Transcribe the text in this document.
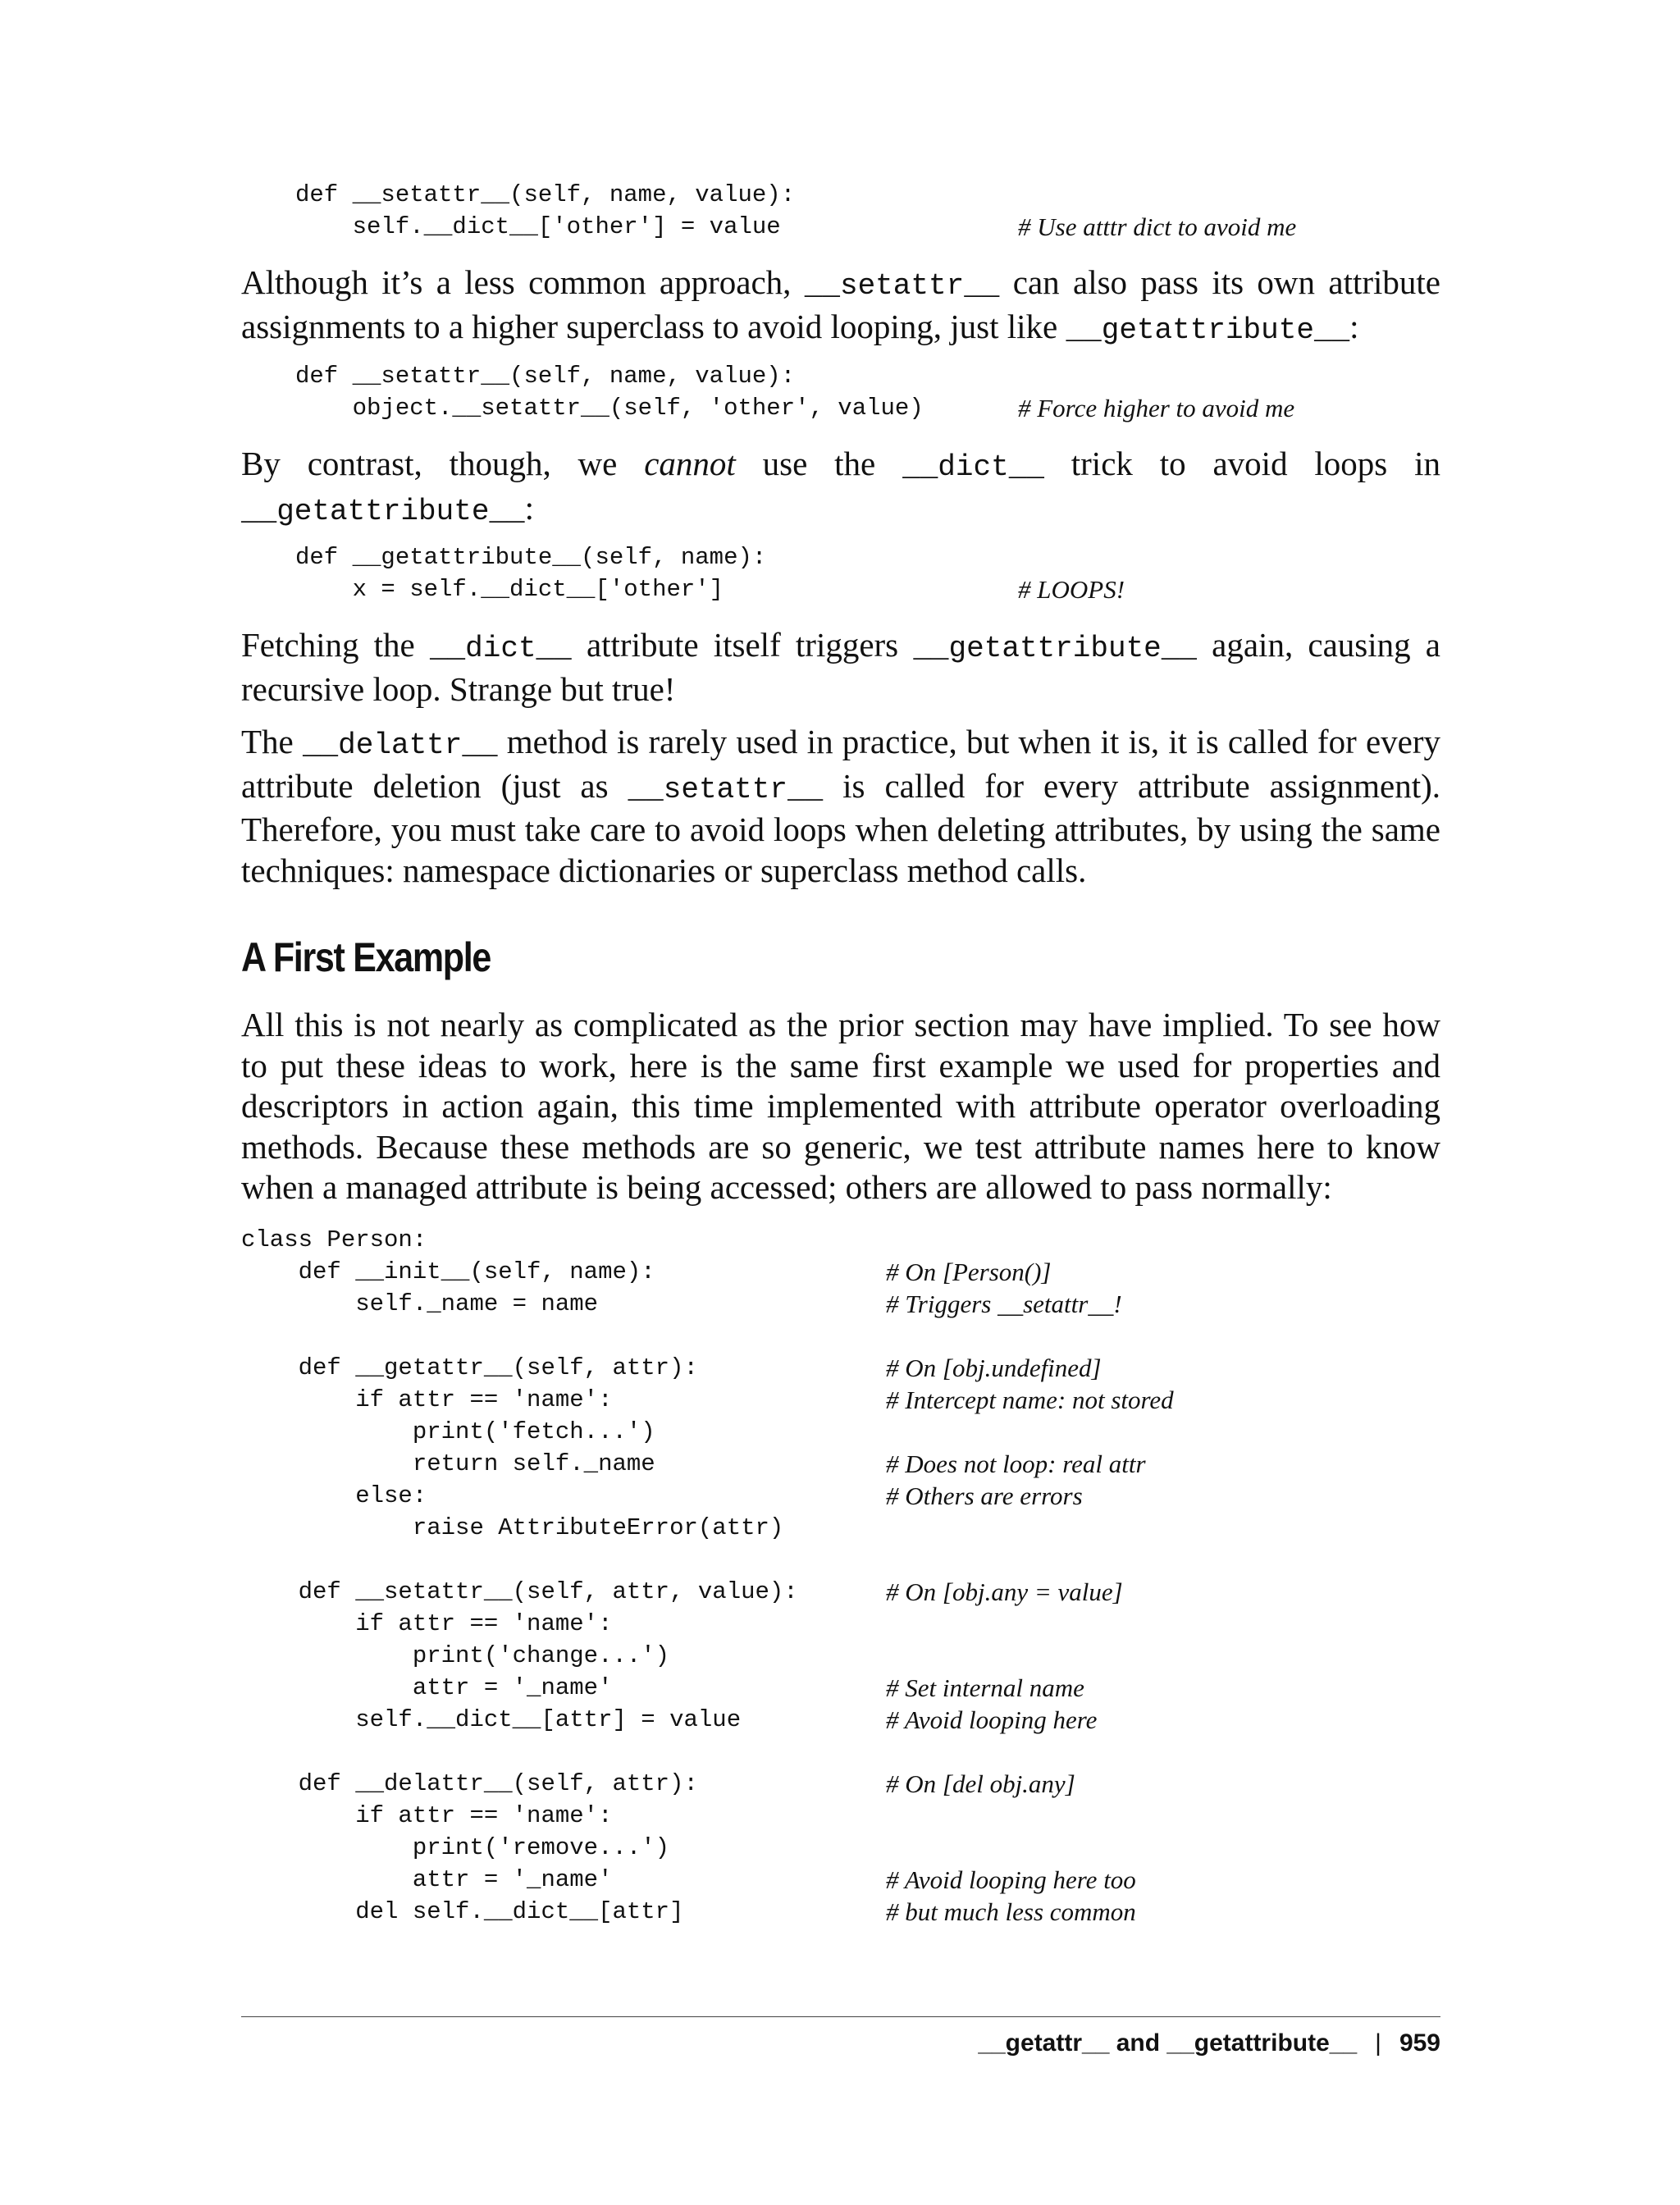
def __setattr__(self, name, value):
self.__dict__['other'] = value	# Use atttr dict to avoid me

Although it’s a less common approach, __setattr__ can also pass its own attribute assignments to a higher superclass to avoid looping, just like __getattribute__:

def __setattr__(self, name, value):
object.__setattr__(self, 'other', value)	# Force higher to avoid me

By contrast, though, we cannot use the __dict__ trick to avoid loops in __getattribute__:

def __getattribute__(self, name):
x = self.__dict__['other']	# LOOPS!

Fetching the __dict__ attribute itself triggers __getattribute__ again, causing a recursive loop. Strange but true!

The __delattr__ method is rarely used in practice, but when it is, it is called for every attribute deletion (just as __setattr__ is called for every attribute assignment). Therefore, you must take care to avoid loops when deleting attributes, by using the same techniques: namespace dictionaries or superclass method calls.

A First Example

All this is not nearly as complicated as the prior section may have implied. To see how to put these ideas to work, here is the same first example we used for properties and descriptors in action again, this time implemented with attribute operator overloading methods. Because these methods are so generic, we test attribute names here to know when a managed attribute is being accessed; others are allowed to pass normally:

class Person:
def __init__(self, name):	# On [Person()]
self._name = name	# Triggers __setattr__!
def __getattr__(self, attr):	# On [obj.undefined]
if attr == 'name':	# Intercept name: not stored
print('fetch...')
return self._name	# Does not loop: real attr
else:	# Others are errors
raise AttributeError(attr)
def __setattr__(self, attr, value):	# On [obj.any = value]
if attr == 'name':
print('change...')
attr = '_name'	# Set internal name
self.__dict__[attr] = value	# Avoid looping here
def __delattr__(self, attr):	# On [del obj.any]
if attr == 'name':
print('remove...')
attr = '_name'	# Avoid looping here too
del self.__dict__[attr]	# but much less common
__getattr__ and __getattribute__ | 959
